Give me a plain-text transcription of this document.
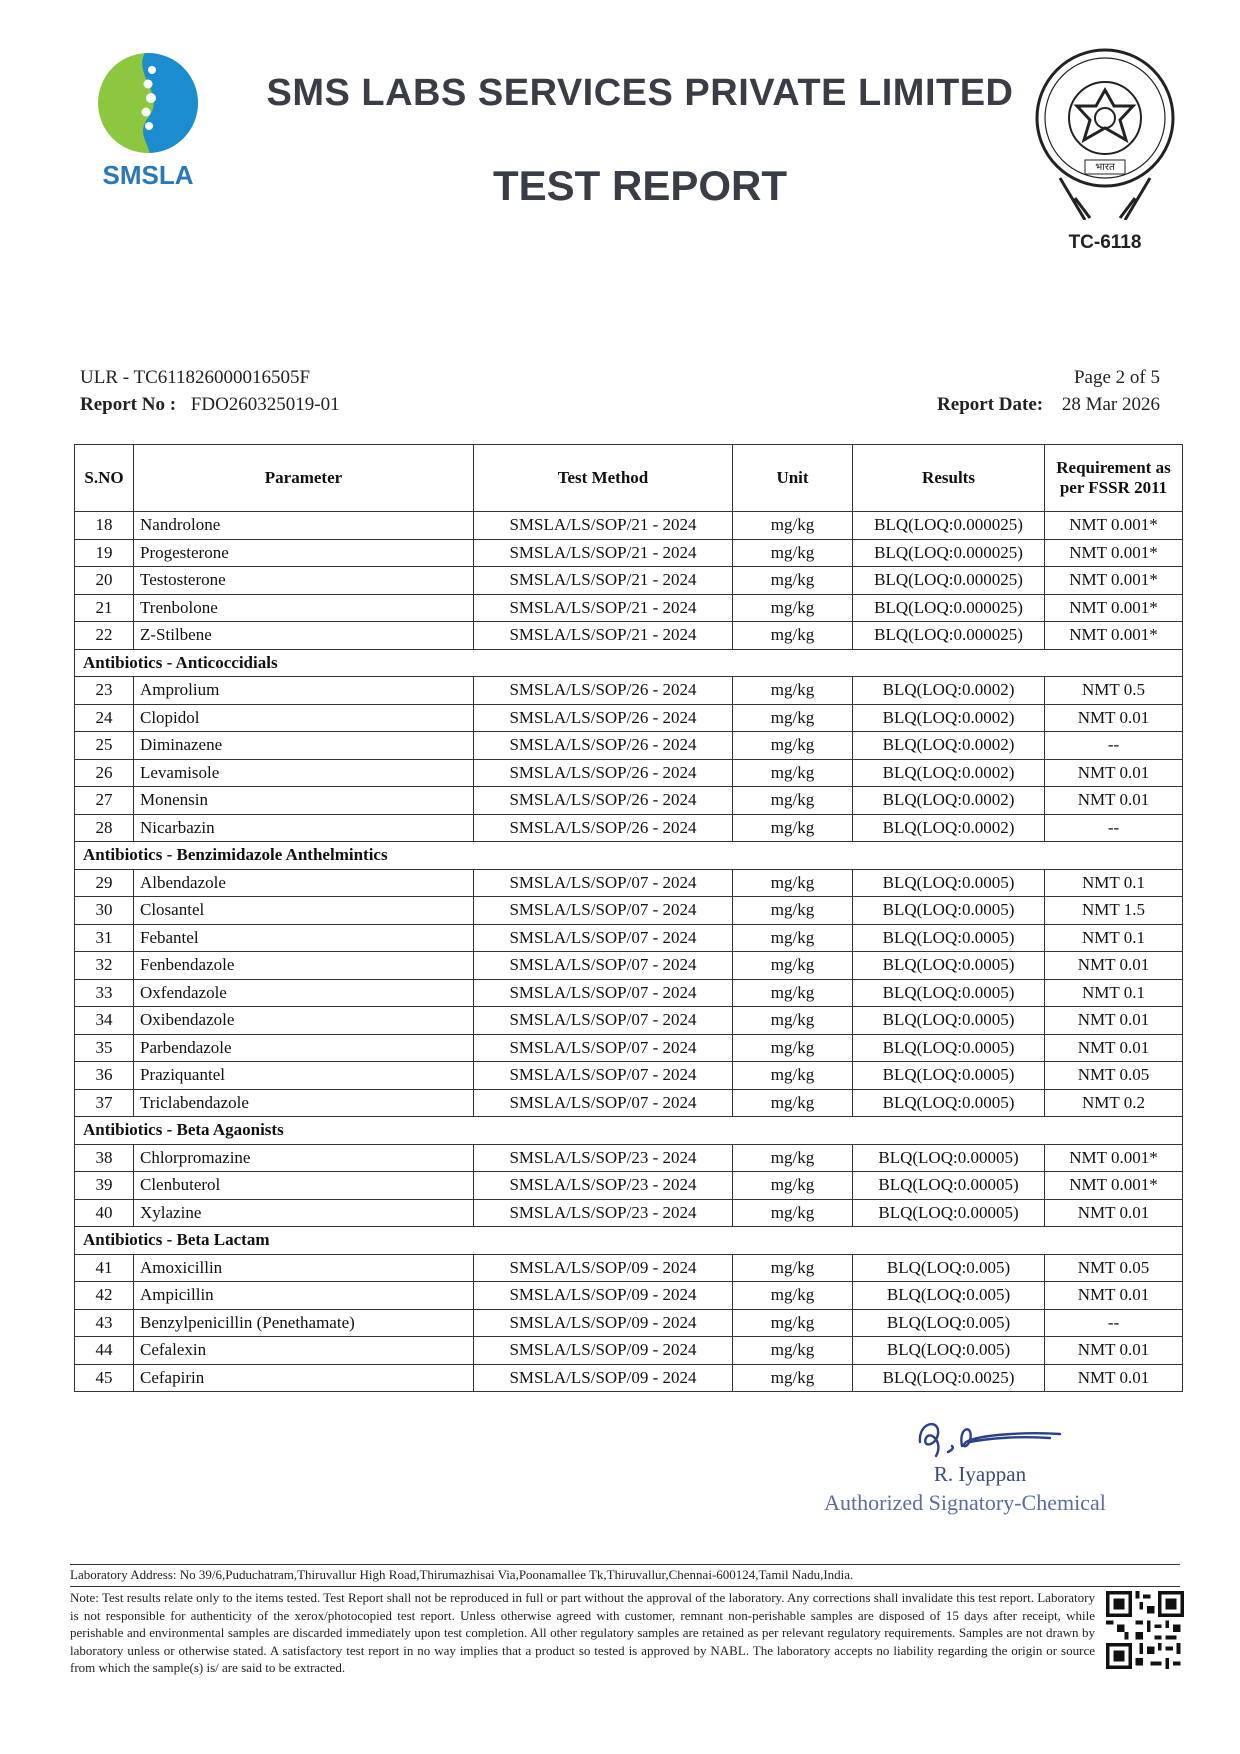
SMSLA
SMS LABS SERVICES PRIVATE LIMITED
TEST REPORT	भारत
TC-6118
ULR - TC611826000016505F	Page 2 of 5
Report No : FDO260325019-01	Report Date: 28 Mar 2026
S.NO	Parameter	Test Method	Unit	Results	Requirement as per FSSR 2011
18	Nandrolone	SMSLA/LS/SOP/21 - 2024	mg/kg	BLQ(LOQ:0.000025)	NMT 0.001*
19	Progesterone	SMSLA/LS/SOP/21 - 2024	mg/kg	BLQ(LOQ:0.000025)	NMT 0.001*
20	Testosterone	SMSLA/LS/SOP/21 - 2024	mg/kg	BLQ(LOQ:0.000025)	NMT 0.001*
21	Trenbolone	SMSLA/LS/SOP/21 - 2024	mg/kg	BLQ(LOQ:0.000025)	NMT 0.001*
22	Z-Stilbene	SMSLA/LS/SOP/21 - 2024	mg/kg	BLQ(LOQ:0.000025)	NMT 0.001*
Antibiotics - Anticoccidials					
23	Amprolium	SMSLA/LS/SOP/26 - 2024	mg/kg	BLQ(LOQ:0.0002)	NMT 0.5
24	Clopidol	SMSLA/LS/SOP/26 - 2024	mg/kg	BLQ(LOQ:0.0002)	NMT 0.01
25	Diminazene	SMSLA/LS/SOP/26 - 2024	mg/kg	BLQ(LOQ:0.0002)	--
26	Levamisole	SMSLA/LS/SOP/26 - 2024	mg/kg	BLQ(LOQ:0.0002)	NMT 0.01
27	Monensin	SMSLA/LS/SOP/26 - 2024	mg/kg	BLQ(LOQ:0.0002)	NMT 0.01
28	Nicarbazin	SMSLA/LS/SOP/26 - 2024	mg/kg	BLQ(LOQ:0.0002)	--
Antibiotics - Benzimidazole Anthelmintics					
29	Albendazole	SMSLA/LS/SOP/07 - 2024	mg/kg	BLQ(LOQ:0.0005)	NMT 0.1
30	Closantel	SMSLA/LS/SOP/07 - 2024	mg/kg	BLQ(LOQ:0.0005)	NMT 1.5
31	Febantel	SMSLA/LS/SOP/07 - 2024	mg/kg	BLQ(LOQ:0.0005)	NMT 0.1
32	Fenbendazole	SMSLA/LS/SOP/07 - 2024	mg/kg	BLQ(LOQ:0.0005)	NMT 0.01
33	Oxfendazole	SMSLA/LS/SOP/07 - 2024	mg/kg	BLQ(LOQ:0.0005)	NMT 0.1
34	Oxibendazole	SMSLA/LS/SOP/07 - 2024	mg/kg	BLQ(LOQ:0.0005)	NMT 0.01
35	Parbendazole	SMSLA/LS/SOP/07 - 2024	mg/kg	BLQ(LOQ:0.0005)	NMT 0.01
36	Praziquantel	SMSLA/LS/SOP/07 - 2024	mg/kg	BLQ(LOQ:0.0005)	NMT 0.05
37	Triclabendazole	SMSLA/LS/SOP/07 - 2024	mg/kg	BLQ(LOQ:0.0005)	NMT 0.2
Antibiotics - Beta Agaonists					
38	Chlorpromazine	SMSLA/LS/SOP/23 - 2024	mg/kg	BLQ(LOQ:0.00005)	NMT 0.001*
39	Clenbuterol	SMSLA/LS/SOP/23 - 2024	mg/kg	BLQ(LOQ:0.00005)	NMT 0.001*
40	Xylazine	SMSLA/LS/SOP/23 - 2024	mg/kg	BLQ(LOQ:0.00005)	NMT 0.01
Antibiotics - Beta Lactam					
41	Amoxicillin	SMSLA/LS/SOP/09 - 2024	mg/kg	BLQ(LOQ:0.005)	NMT 0.05
42	Ampicillin	SMSLA/LS/SOP/09 - 2024	mg/kg	BLQ(LOQ:0.005)	NMT 0.01
43	Benzylpenicillin (Penethamate)	SMSLA/LS/SOP/09 - 2024	mg/kg	BLQ(LOQ:0.005)	--
44	Cefalexin	SMSLA/LS/SOP/09 - 2024	mg/kg	BLQ(LOQ:0.005)	NMT 0.01
45	Cefapirin	SMSLA/LS/SOP/09 - 2024	mg/kg	BLQ(LOQ:0.0025)	NMT 0.01
R. Iyappan
Authorized Signatory-Chemical
Laboratory Address: No 39/6,Puduchatram,Thiruvallur High Road,Thirumazhisai Via,Poonamallee Tk,Thiruvallur,Chennai-600124,Tamil Nadu,India.
Note: Test results relate only to the items tested. Test Report shall not be reproduced in full or part without the approval of the laboratory. Any corrections shall invalidate this test report. Laboratory is not responsible for authenticity of the xerox/photocopied test report. Unless otherwise agreed with customer, remnant non-perishable samples are disposed of 15 days after receipt, while perishable and environmental samples are discarded immediately upon test completion. All other regulatory samples are retained as per relevant regulatory requirements. Samples are not drawn by laboratory unless or otherwise stated. A satisfactory test report in no way implies that a product so tested is approved by NABL. The laboratory accepts no liability regarding the origin or source from which the sample(s) is/ are said to be extracted.
